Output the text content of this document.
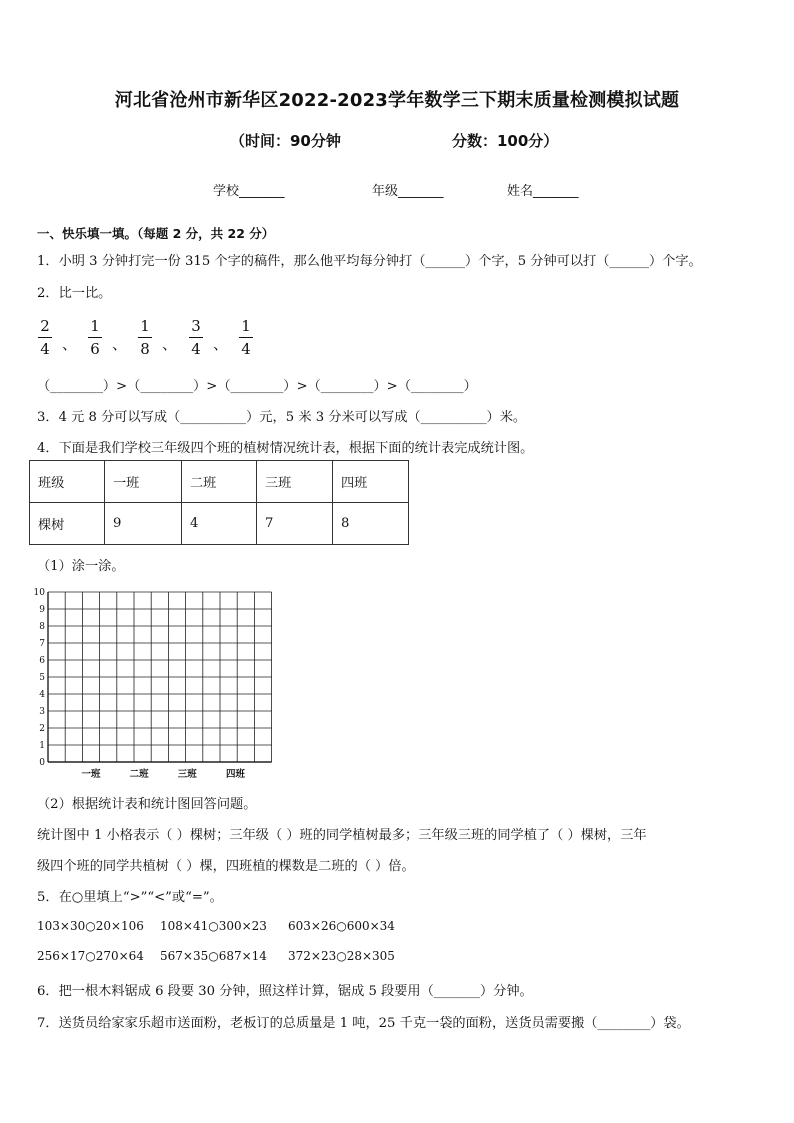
河北省沧州市新华区2022-2023学年数学三下期末质量检测模拟试题
（时间：90分钟	分数：100分）
学校_______	年级_______	姓名_______
一、快乐填一填。（每题 2 分，共 22 分）
1．小明 3 分钟打完一份 315 个字的稿件，那么他平均每分钟打（______）个字，5 分钟可以打（______）个字。
2．比一比。
2
4 、
1
6 、
1
8 、
3
4 、
1
4
（________）>（________）>（________）>（________）>（________）
3．4 元 8 分可以写成（__________）元，5 米 3 分米可以写成（__________）米。
4．下面是我们学校三年级四个班的植树情况统计表，根据下面的统计表完成统计图。
班级	一班	二班	三班	四班
棵树	9	4	7	8
（1）涂一涂。
0
1
2
3
4
5
6
7
8
9
10
一班	二班	三班	四班
（2）根据统计表和统计图回答问题。
统计图中 1 小格表示（ ）棵树；三年级（ ）班的同学植树最多；三年级三班的同学植了（ ）棵树，三年
级四个班的同学共植树（ ）棵，四班植的棵数是二班的（ ）倍。
5．在○里填上“>”“<”或“=”。
103×30○20×106 108×41○300×23 603×26○600×34
256×17○270×64 567×35○687×14 372×23○28×305
6．把一根木料锯成 6 段要 30 分钟，照这样计算，锯成 5 段要用（_______）分钟。
7．送货员给家家乐超市送面粉，老板订的总质量是 1 吨，25 千克一袋的面粉，送货员需要搬（________）袋。
